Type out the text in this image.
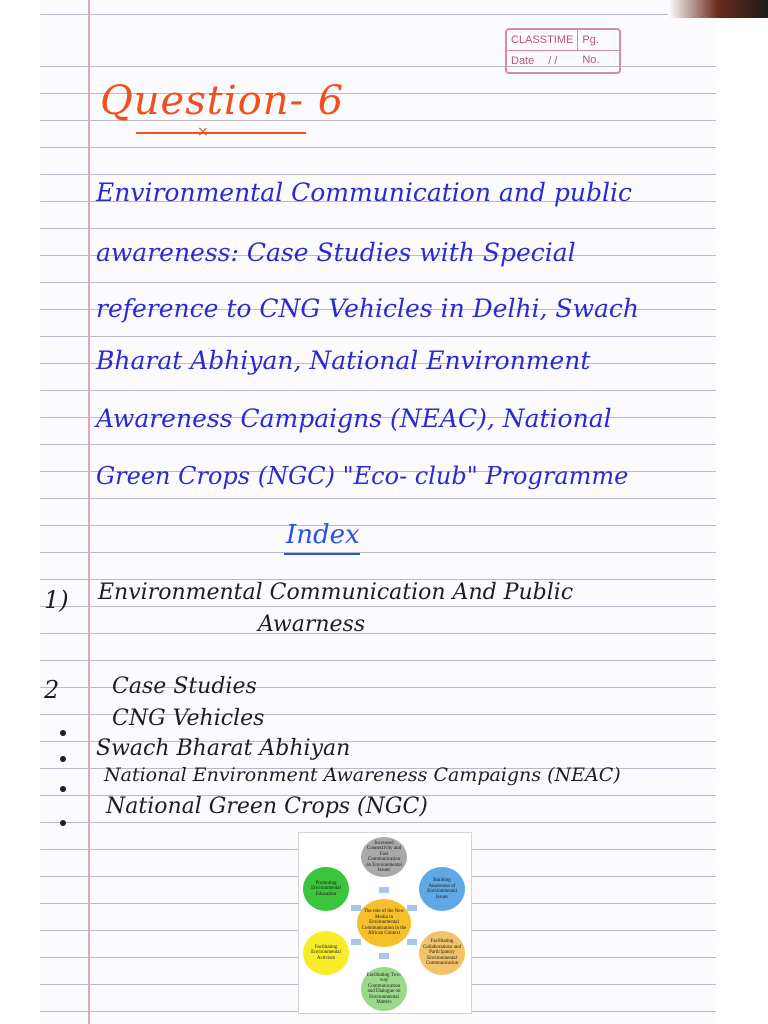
CLASSTIME Pg. No.
Date / /
Question- 6
×
Environmental Communication and public
awareness: Case Studies with Special
reference to CNG Vehicles in Delhi, Swach
Bharat Abhiyan, National Environment
Awareness Campaigns (NEAC), National
Green Crops (NGC) "Eco- club" Programme
Index
1) Environmental Communication And Public
Awarness
2 Case Studies
CNG Vehicles
Swach Bharat Abhiyan
National Environment Awareness Campaigns (NEAC)
National Green Crops (NGC)
Increased Connectivity and Fast Communication on Environmental Issues
Building Awareness of Environmental Issues
Facilitating Collaborations and Participatory Environmental Communication
Facilitating Two-way Communication and Dialogue on Environmental Matters
Facilitating Environmental Activism
Promoting Environmental Education
The role of the New Media in Environmental Communication in the African Context
